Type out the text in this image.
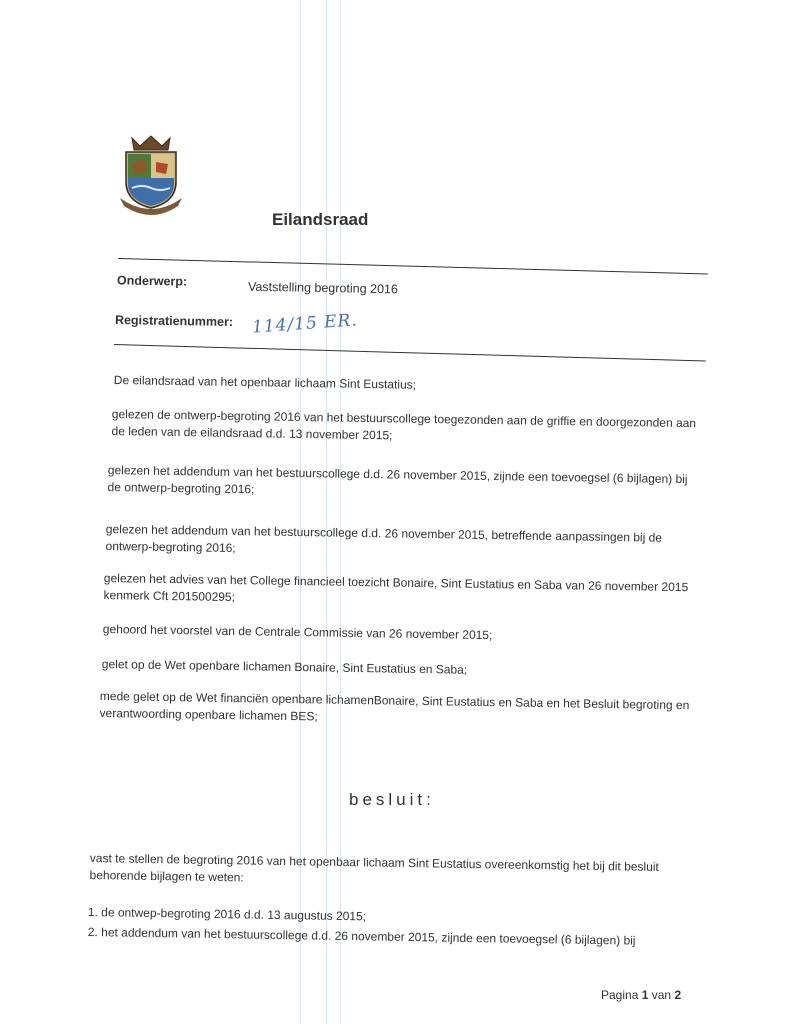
Eilandsraad
Onderwerp:	Vaststelling begroting 2016
Registratienummer: 114/15 ER.
De eilandsraad van het openbaar lichaam Sint Eustatius;
gelezen de ontwerp-begroting 2016 van het bestuurscollege toegezonden aan de griffie en doorgezonden aan de leden van de eilandsraad d.d. 13 november 2015;
gelezen het addendum van het bestuurscollege d.d. 26 november 2015, zijnde een toevoegsel (6 bijlagen) bij de ontwerp-begroting 2016;
gelezen het addendum van het bestuurscollege d.d. 26 november 2015, betreffende aanpassingen bij de ontwerp-begroting 2016;
gelezen het advies van het College financieel toezicht Bonaire, Sint Eustatius en Saba van 26 november 2015 kenmerk Cft 201500295;
gehoord het voorstel van de Centrale Commissie van 26 november 2015;
gelet op de Wet openbare lichamen Bonaire, Sint Eustatius en Saba;
mede gelet op de Wet financiën openbare lichamenBonaire, Sint Eustatius en Saba en het Besluit begroting en verantwoording openbare lichamen BES;
besluit:
vast te stellen de begroting 2016 van het openbaar lichaam Sint Eustatius overeenkomstig het bij dit besluit behorende bijlagen te weten:
1. de ontwep-begroting 2016 d.d. 13 augustus 2015;
2. het addendum van het bestuurscollege d.d. 26 november 2015, zijnde een toevoegsel (6 bijlagen) bij
Pagina 1 van 2
